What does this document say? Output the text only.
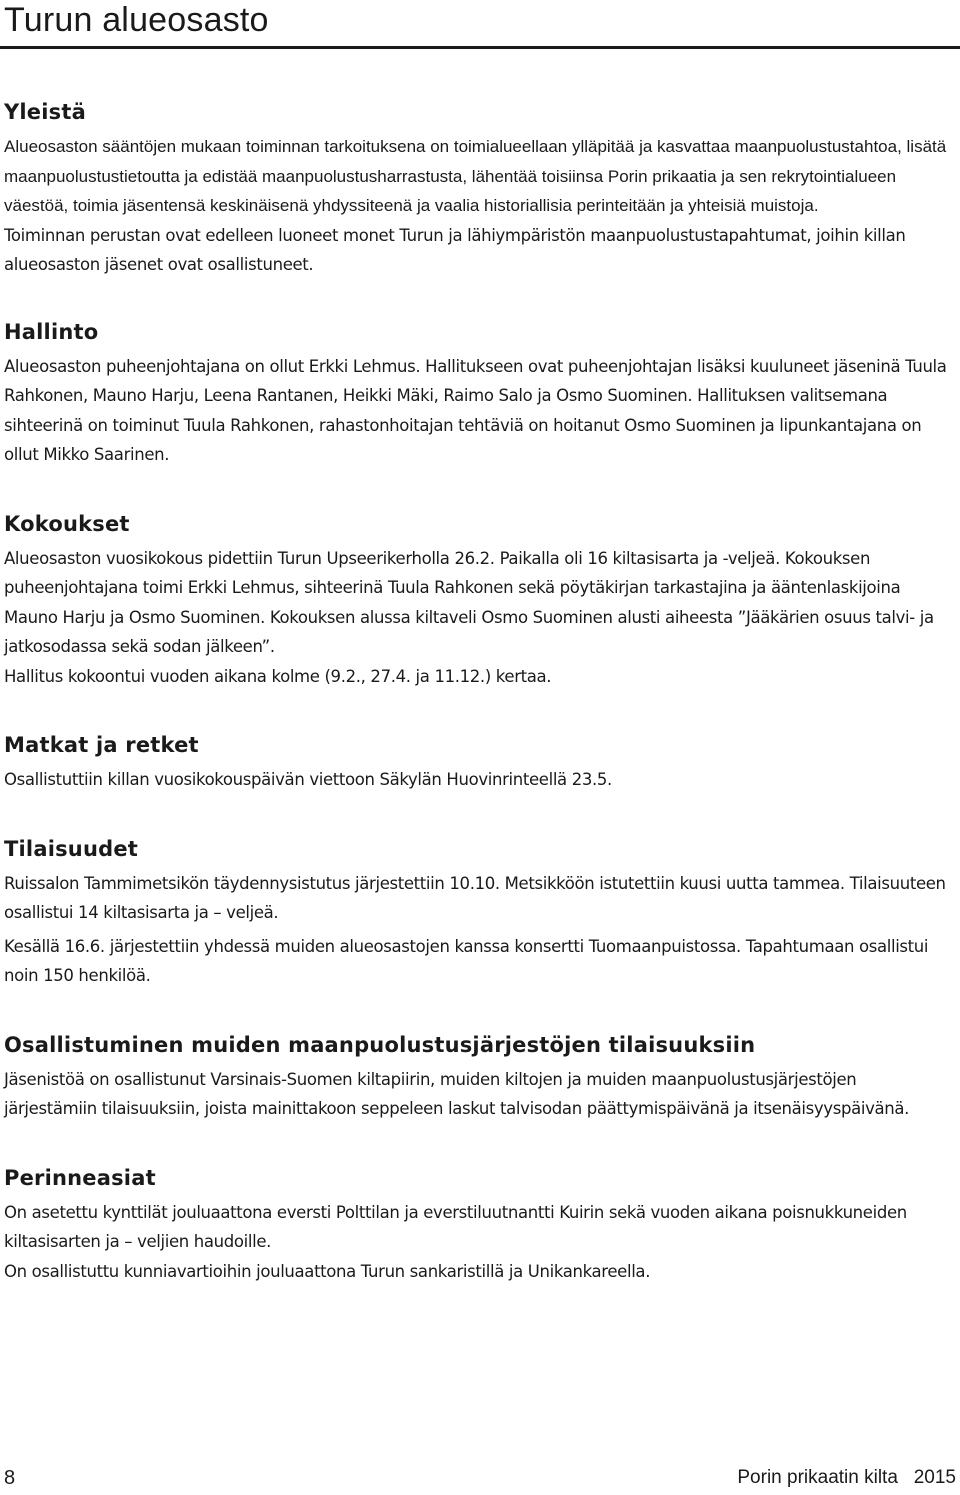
Turun alueosasto
Yleistä

Alueosaston sääntöjen mukaan toiminnan tarkoituksena on toimialueellaan ylläpitää ja kasvattaa maanpuolustustahtoa, lisätä maanpuolustustietoutta ja edistää maanpuolustusharrastusta, lähentää toisiinsa Porin prikaatia ja sen rekrytointialueen väestöä, toimia jäsentensä keskinäisenä yhdyssiteenä ja vaalia historiallisia perinteitään ja yhteisiä muistoja.

Toiminnan perustan ovat edelleen luoneet monet Turun ja lähiympäristön maanpuolustustapahtumat, joihin killan alueosaston jäsenet ovat osallistuneet.

Hallinto

Alueosaston puheenjohtajana on ollut Erkki Lehmus. Hallitukseen ovat puheenjohtajan lisäksi kuuluneet jäseninä Tuula Rahkonen, Mauno Harju, Leena Rantanen, Heikki Mäki, Raimo Salo ja Osmo Suominen. Hallituksen valitsemana sihteerinä on toiminut Tuula Rahkonen, rahastonhoitajan tehtäviä on hoitanut Osmo Suominen ja lipunkantajana on ollut Mikko Saarinen.

Kokoukset

Alueosaston vuosikokous pidettiin Turun Upseerikerholla 26.2. Paikalla oli 16 kiltasisarta ja -veljeä. Kokouksen puheenjohtajana toimi Erkki Lehmus, sihteerinä Tuula Rahkonen sekä pöytäkirjan tarkastajina ja ääntenlaskijoina Mauno Harju ja Osmo Suominen. Kokouksen alussa kiltaveli Osmo Suominen alusti aiheesta ”Jääkärien osuus talvi- ja jatkosodassa sekä sodan jälkeen”.

Hallitus kokoontui vuoden aikana kolme (9.2., 27.4. ja 11.12.) kertaa.

Matkat ja retket

Osallistuttiin killan vuosikokouspäivän viettoon Säkylän Huovinrinteellä 23.5.

Tilaisuudet

Ruissalon Tammimetsikön täydennysistutus järjestettiin 10.10. Metsikköön istutettiin kuusi uutta tammea. Tilaisuuteen osallistui 14 kiltasisarta ja – veljeä.

Kesällä 16.6. järjestettiin yhdessä muiden alueosastojen kanssa konsertti Tuomaanpuistossa. Tapahtumaan osallistui noin 150 henkilöä.

Osallistuminen muiden maanpuolustusjärjestöjen tilaisuuksiin

Jäsenistöä on osallistunut Varsinais-Suomen kiltapiirin, muiden kiltojen ja muiden maanpuolustusjärjestöjen järjestämiin tilaisuuksiin, joista mainittakoon seppeleen laskut talvisodan päättymispäivänä ja itsenäisyyspäivänä.

Perinneasiat

On asetettu kynttilät jouluaattona eversti Polttilan ja everstiluutnantti Kuirin sekä vuoden aikana poisnukkuneiden kiltasisarten ja – veljien haudoille.

On osallistuttu kunniavartioihin jouluaattona Turun sankaristillä ja Unikankareella.

8	Porin prikaatin kilta   2015
